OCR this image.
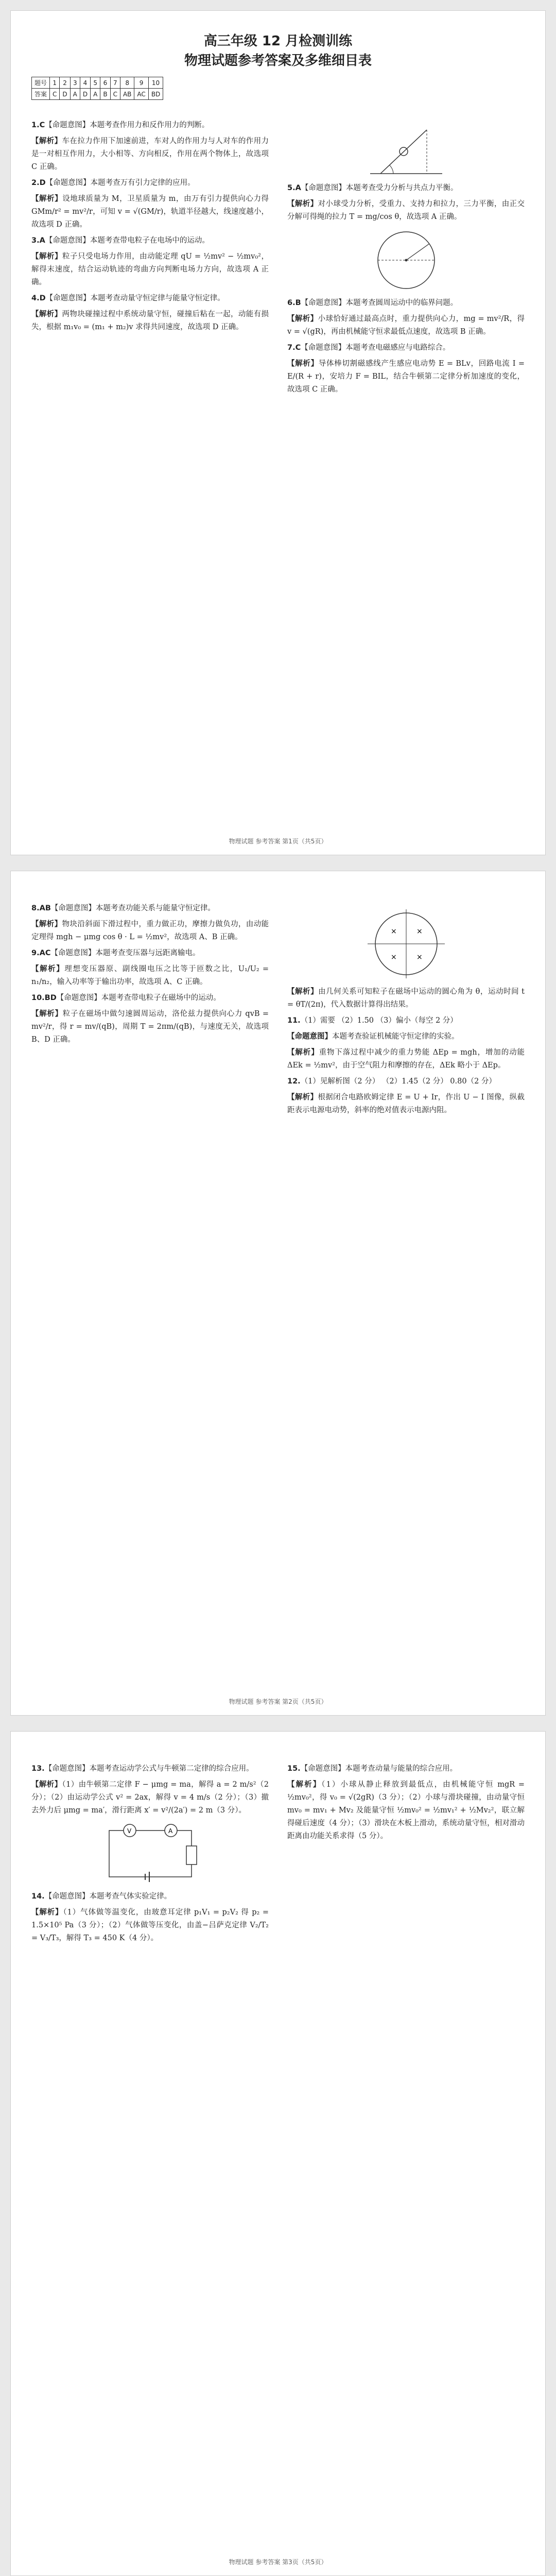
高三年级 12 月检测训练
物理试题参考答案及多维细目表
题号	1	2	3	4	5	6	7	8	9	10
答案	C	D	A	D	A	B	C	AB	AC	BD

1.C【命题意图】本题考查作用力和反作用力的判断。

【解析】车在拉力作用下加速前进，车对人的作用力与人对车的作用力是一对相互作用力，大小相等、方向相反，作用在两个物体上，故选项 C 正确。

2.D【命题意图】本题考查万有引力定律的应用。

【解析】设地球质量为 M，卫星质量为 m，由万有引力提供向心力得 GMm/r² = mv²/r，可知 v = √(GM/r)，轨道半径越大，线速度越小，故选项 D 正确。

3.A【命题意图】本题考查带电粒子在电场中的运动。

【解析】粒子只受电场力作用，由动能定理 qU = ½mv² − ½mv₀²，解得末速度，结合运动轨迹的弯曲方向判断电场力方向，故选项 A 正确。

4.D【命题意图】本题考查动量守恒定律与能量守恒定律。

【解析】两物块碰撞过程中系统动量守恒，碰撞后粘在一起，动能有损失，根据 m₁v₀ = (m₁ + m₂)v 求得共同速度，故选项 D 正确。

5.A【命题意图】本题考查受力分析与共点力平衡。

【解析】对小球受力分析，受重力、支持力和拉力，三力平衡，由正交分解可得绳的拉力 T = mg/cos θ，故选项 A 正确。

6.B【命题意图】本题考查圆周运动中的临界问题。

【解析】小球恰好通过最高点时，重力提供向心力，mg = mv²/R，得 v = √(gR)，再由机械能守恒求最低点速度，故选项 B 正确。

7.C【命题意图】本题考查电磁感应与电路综合。

【解析】导体棒切割磁感线产生感应电动势 E = BLv，回路电流 I = E/(R + r)，安培力 F = BIL，结合牛顿第二定律分析加速度的变化，故选项 C 正确。

物理试题 参考答案 第1页（共5页）

8.AB【命题意图】本题考查功能关系与能量守恒定律。

【解析】物块沿斜面下滑过程中，重力做正功，摩擦力做负功，由动能定理得 mgh − μmg cos θ · L = ½mv²，故选项 A、B 正确。

9.AC【命题意图】本题考查变压器与远距离输电。

【解析】理想变压器原、副线圈电压之比等于匝数之比，U₁/U₂ = n₁/n₂，输入功率等于输出功率，故选项 A、C 正确。

10.BD【命题意图】本题考查带电粒子在磁场中的运动。

【解析】粒子在磁场中做匀速圆周运动，洛伦兹力提供向心力 qvB = mv²/r，得 r = mv/(qB)，周期 T = 2πm/(qB)，与速度无关，故选项 B、D 正确。

×	×
×	×

【解析】由几何关系可知粒子在磁场中运动的圆心角为 θ，运动时间 t = θT/(2π)，代入数据计算得出结果。

11.（1）需要 （2）1.50 （3）偏小（每空 2 分）

【命题意图】本题考查验证机械能守恒定律的实验。

【解析】重物下落过程中减少的重力势能 ΔEp = mgh，增加的动能 ΔEk = ½mv²，由于空气阻力和摩擦的存在，ΔEk 略小于 ΔEp。

12.（1）见解析图（2 分） （2）1.45（2 分） 0.80（2 分）

【解析】根据闭合电路欧姆定律 E = U + Ir，作出 U − I 图像，纵截距表示电源电动势，斜率的绝对值表示电源内阻。

物理试题 参考答案 第2页（共5页）

13.【命题意图】本题考查运动学公式与牛顿第二定律的综合应用。

【解析】（1）由牛顿第二定律 F − μmg = ma，解得 a = 2 m/s²（2 分）；（2）由运动学公式 v² = 2ax，解得 v = 4 m/s（2 分）；（3）撤去外力后 μmg = ma′，滑行距离 x′ = v²/(2a′) = 2 m（3 分）。

V	A

14.【命题意图】本题考查气体实验定律。

【解析】（1）气体做等温变化，由玻意耳定律 p₁V₁ = p₂V₂ 得 p₂ = 1.5×10⁵ Pa（3 分）；（2）气体做等压变化，由盖−吕萨克定律 V₂/T₂ = V₃/T₃，解得 T₃ = 450 K（4 分）。

15.【命题意图】本题考查动量与能量的综合应用。

【解析】（1）小球从静止释放到最低点，由机械能守恒 mgR = ½mv₀²，得 v₀ = √(2gR)（3 分）；（2）小球与滑块碰撞，由动量守恒 mv₀ = mv₁ + Mv₂ 及能量守恒 ½mv₀² = ½mv₁² + ½Mv₂²，联立解得碰后速度（4 分）；（3）滑块在木板上滑动，系统动量守恒，相对滑动距离由功能关系求得（5 分）。

物理试题 参考答案 第3页（共5页）
